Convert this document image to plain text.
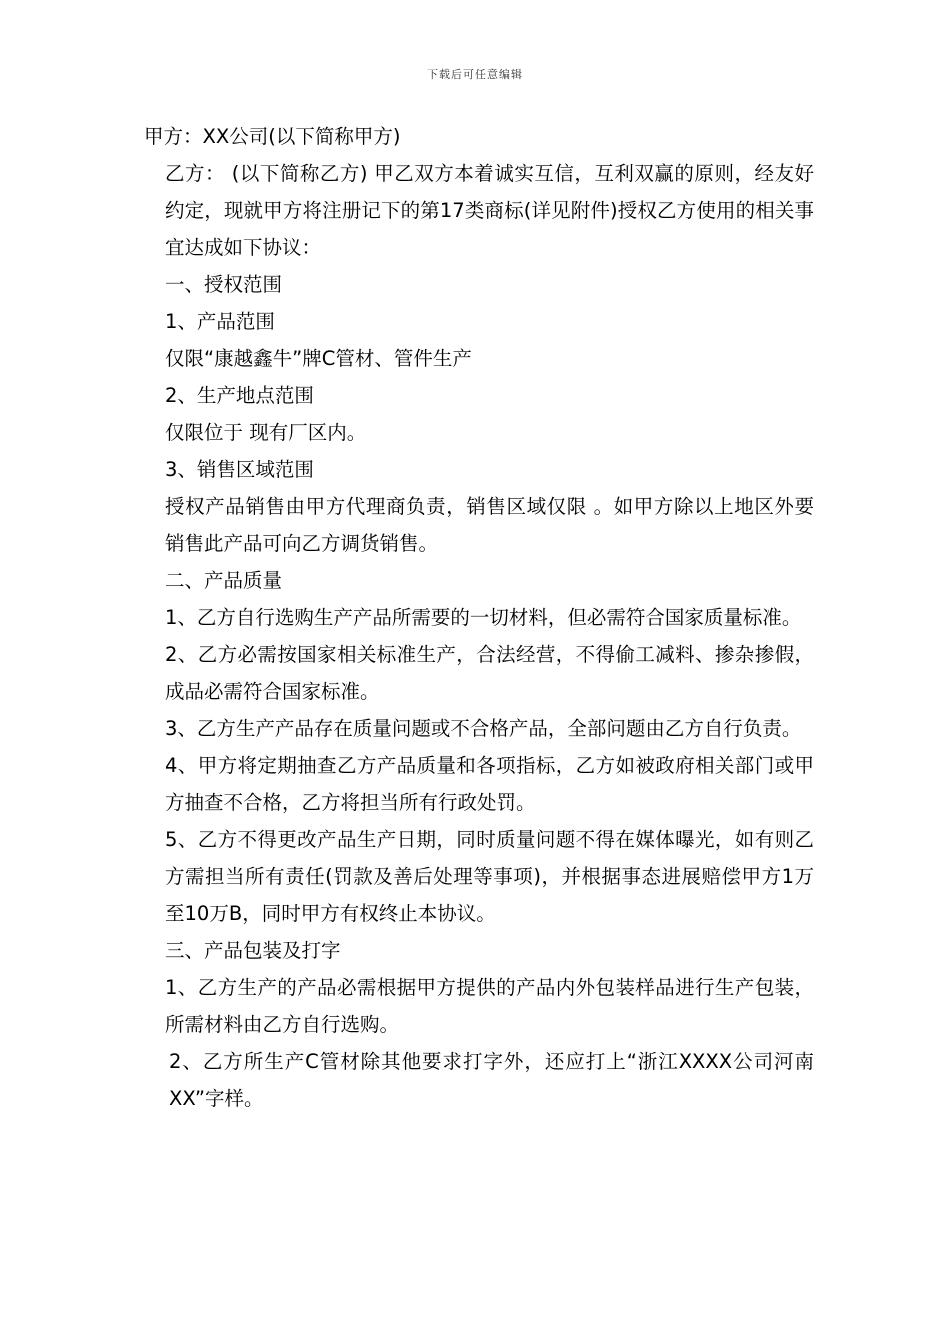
下载后可任意编辑

甲方：XX公司(以下简称甲方)

乙方： (以下简称乙方) 甲乙双方本着诚实互信，互利双赢的原则，经友好约定，现就甲方将注册记下的第17类商标(详见附件)授权乙方使用的相关事宜达成如下协议：

一、授权范围

1、产品范围

仅限“康越鑫牛”牌C管材、管件生产

2、生产地点范围

仅限位于 现有厂区内。

3、销售区域范围

授权产品销售由甲方代理商负责，销售区域仅限 。如甲方除以上地区外要销售此产品可向乙方调货销售。

二、产品质量

1、乙方自行选购生产产品所需要的一切材料，但必需符合国家质量标准。

2、乙方必需按国家相关标准生产，合法经营，不得偷工减料、掺杂掺假，成品必需符合国家标准。

3、乙方生产产品存在质量问题或不合格产品，全部问题由乙方自行负责。

4、甲方将定期抽查乙方产品质量和各项指标，乙方如被政府相关部门或甲方抽查不合格，乙方将担当所有行政处罚。

5、乙方不得更改产品生产日期，同时质量问题不得在媒体曝光，如有则乙方需担当所有责任(罚款及善后处理等事项)，并根据事态进展赔偿甲方1万至10万B，同时甲方有权终止本协议。

三、产品包装及打字

1、乙方生产的产品必需根据甲方提供的产品内外包装样品进行生产包装，所需材料由乙方自行选购。

2、乙方所生产C管材除其他要求打字外，还应打上“浙江XXXX公司河南XX”字样。
